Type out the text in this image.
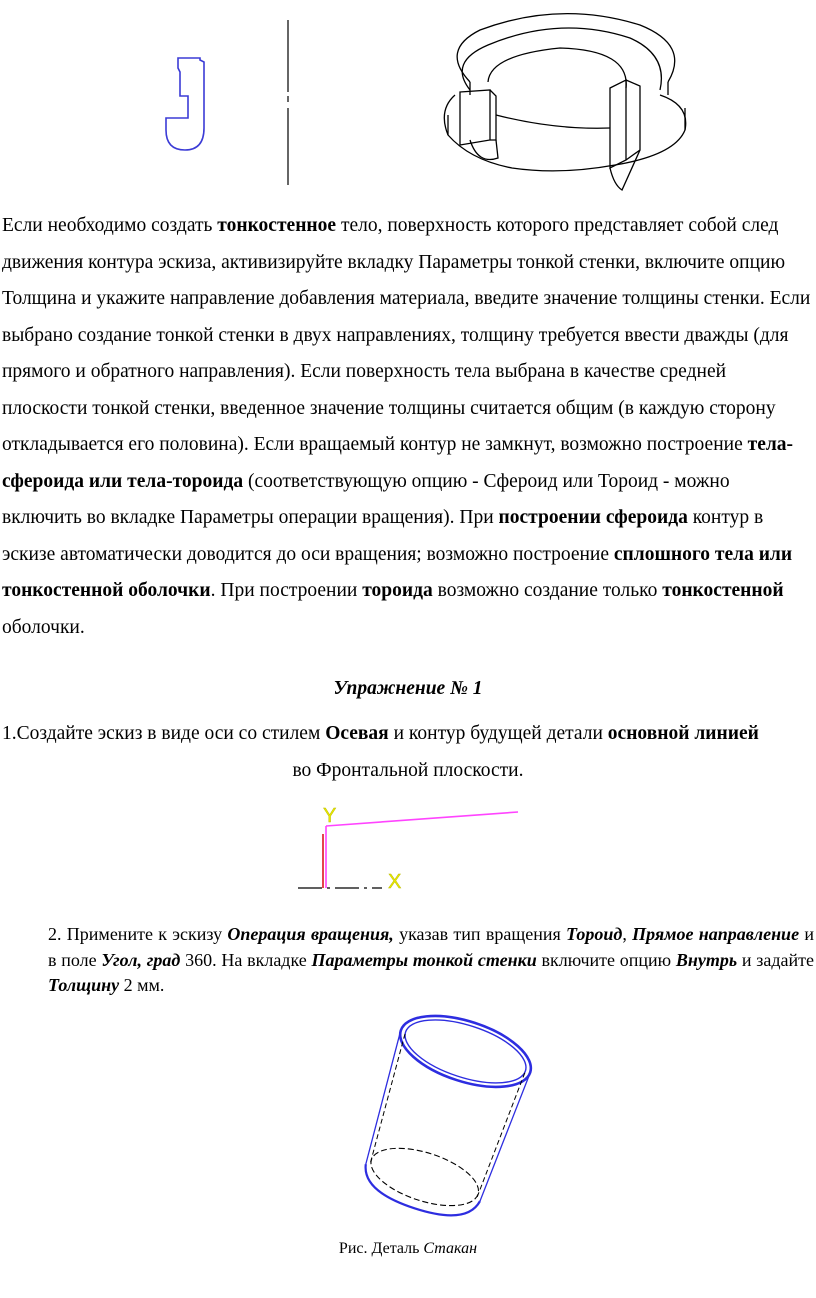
Если необходимо создать тонкостенное тело, поверхность которого представляет собой след движения контура эскиза, активизируйте вкладку Параметры тонкой стенки, включите опцию Толщина и укажите направление добавления материала, введите значение толщины стенки. Если выбрано создание тонкой стенки в двух направлениях, толщину требуется ввести дважды (для прямого и обратного направления). Если поверхность тела выбрана в качестве средней плоскости тонкой стенки, введенное значение толщины считается общим (в каждую сторону откладывается его половина). Если вращаемый контур не замкнут, возможно построение тела-сфероида или тела-тороида (соответствующую опцию - Сфероид или Тороид - можно включить во вкладке Параметры операции вращения). При построении сфероида контур в эскизе автоматически доводится до оси вращения; возможно построение сплошного тела или тонкостенной оболочки. При построении тороида возможно создание только тонкостенной оболочки.
Упражнение № 1
1.Создайте эскиз в виде оси со стилем Осевая и контур будущей детали основной линией
во Фронтальной плоскости.
Y
X
2. Примените к эскизу Операция вращения, указав тип вращения Тороид, Прямое направление и в поле Угол, град 360. На вкладке Параметры тонкой стенки включите опцию Внутрь и задайте Толщину 2 мм.
Рис. Деталь Стакан
